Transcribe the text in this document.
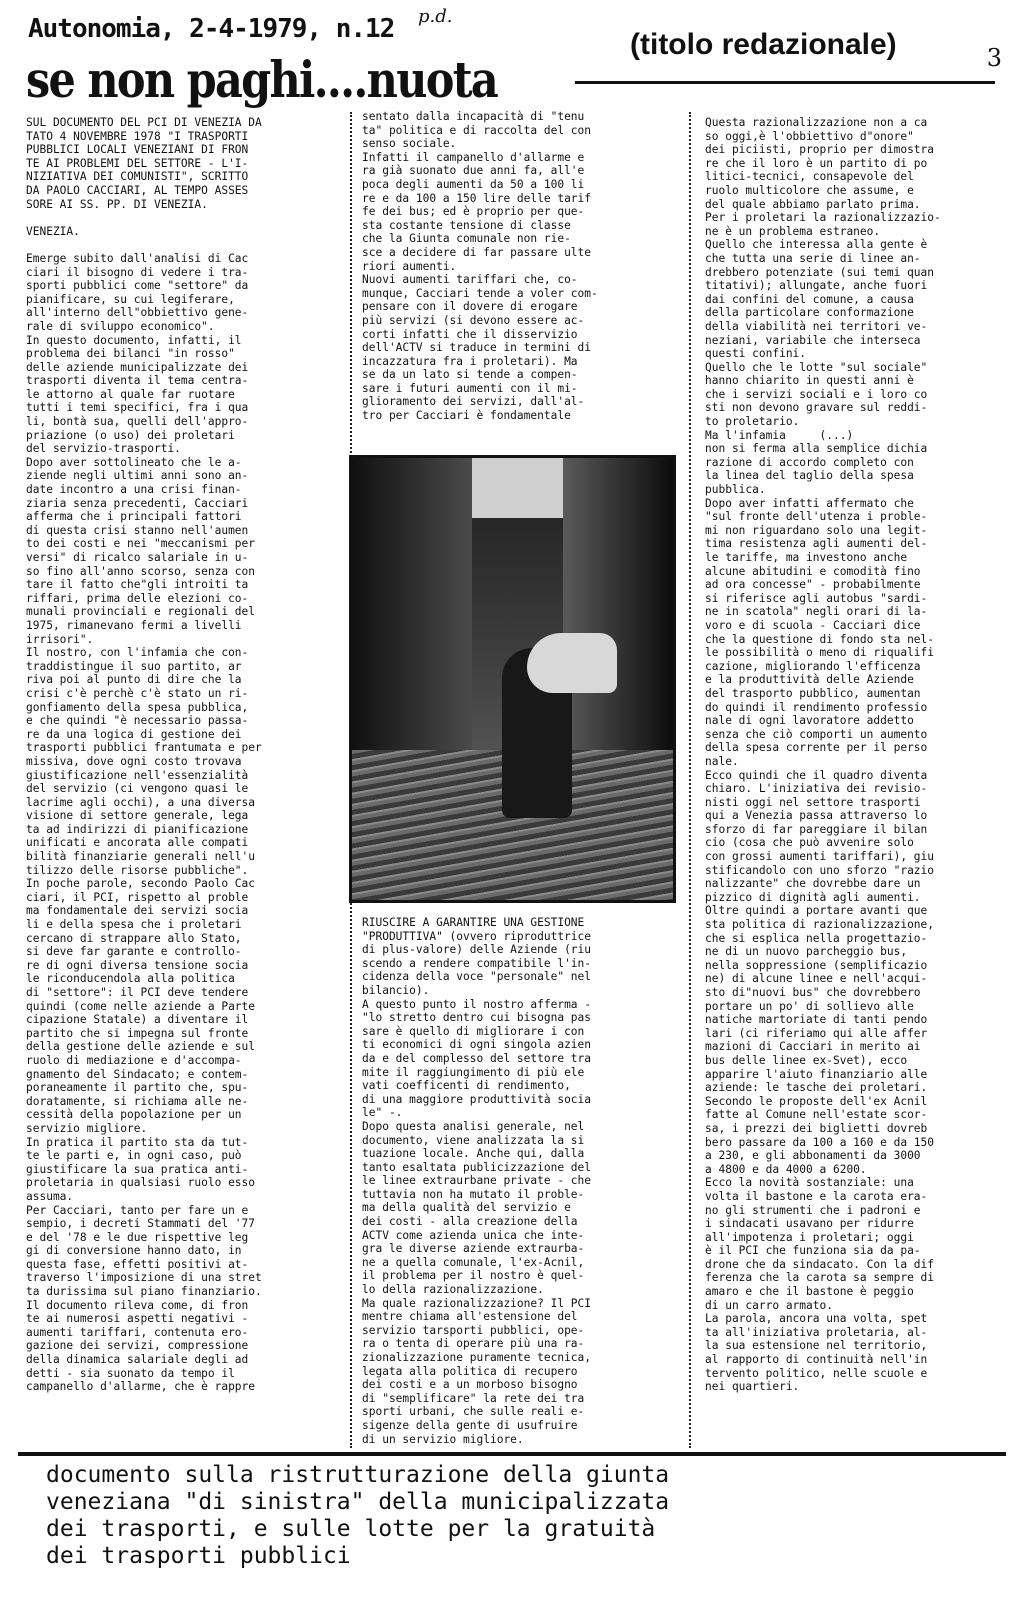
Autonomia, 2-4-1979, n.12 p.d.
(titolo redazionale)	3
se non paghi....nuota
SUL DOCUMENTO DEL PCI DI VENEZIA DA
TATO 4 NOVEMBRE 1978 "I TRASPORTI
PUBBLICI LOCALI VENEZIANI DI FRON
TE AI PROBLEMI DEL SETTORE - L'I-
NIZIATIVA DEI COMUNISTI", SCRITTO
DA PAOLO CACCIARI, AL TEMPO ASSES
SORE AI SS. PP. DI VENEZIA.

VENEZIA.

Emerge subito dall'analisi di Cac
ciari il bisogno di vedere i tra-
sporti pubblici come "settore" da
pianificare, su cui legiferare,
all'interno dell"obbiettivo gene-
rale di sviluppo economico".
In questo documento, infatti, il
problema dei bilanci "in rosso"
delle aziende municipalizzate dei
trasporti diventa il tema centra-
le attorno al quale far ruotare
tutti i temi specifici, fra i qua
li, bontà sua, quelli dell'appro-
priazione (o uso) dei proletari
del servizio-trasporti.
Dopo aver sottolineato che le a-
ziende negli ultimi anni sono an-
date incontro a una crisi finan-
ziaria senza precedenti, Cacciari
afferma che i principali fattori
di questa crisi stanno nell'aumen
to dei costi e nei "meccanismi per
versi" di ricalco salariale in u-
so fino all'anno scorso, senza con
tare il fatto che"gli introiti ta
riffari, prima delle elezioni co-
munali provinciali e regionali del
1975, rimanevano fermi a livelli
irrisori".
Il nostro, con l'infamia che con-
traddistingue il suo partito, ar
riva poi al punto di dire che la
crisi c'è perchè c'è stato un ri-
gonfiamento della spesa pubblica,
e che quindi "è necessario passa-
re da una logica di gestione dei
trasporti pubblici frantumata e per
missiva, dove ogni costo trovava
giustificazione nell'essenzialità
del servizio (ci vengono quasi le
lacrime agli occhi), a una diversa
visione di settore generale, lega
ta ad indirizzi di pianificazione
unificati e ancorata alle compati
bilità finanziarie generali nell'u
tilizzo delle risorse pubbliche".
In poche parole, secondo Paolo Cac
ciari, il PCI, rispetto al proble
ma fondamentale dei servizi socia
li e della spesa che i proletari
cercano di strappare allo Stato,
si deve far garante e controllo-
re di ogni diversa tensione socia
le riconducendola alla politica
di "settore": il PCI deve tendere
quindi (come nelle aziende a Parte
cipazione Statale) a diventare il
partito che si impegna sul fronte
della gestione delle aziende e sul
ruolo di mediazione e d'accompa-
gnamento del Sindacato; e contem-
poraneamente il partito che, spu-
doratamente, si richiama alle ne-
cessità della popolazione per un
servizio migliore.
In pratica il partito sta da tut-
te le parti e, in ogni caso, può
giustificare la sua pratica anti-
proletaria in qualsiasi ruolo esso
assuma.
Per Cacciari, tanto per fare un e
sempio, i decreti Stammati del '77
e del '78 e le due rispettive leg
gi di conversione hanno dato, in
questa fase, effetti positivi at-
traverso l'imposizione di una stret
ta durissima sul piano finanziario.
Il documento rileva come, di fron
te ai numerosi aspetti negativi -
aumenti tariffari, contenuta ero-
gazione dei servizi, compressione
della dinamica salariale degli ad
detti - sia suonato da tempo il
campanello d'allarme, che è rappre
sentato dalla incapacità di "tenu
ta" politica e di raccolta del con
senso sociale.
Infatti il campanello d'allarme e
ra già suonato due anni fa, all'e
poca degli aumenti da 50 a 100 li
re e da 100 a 150 lire delle tarif
fe dei bus; ed è proprio per que-
sta costante tensione di classe
che la Giunta comunale non rie-
sce a decidere di far passare ulte
riori aumenti.
Nuovi aumenti tariffari che, co-
munque, Cacciari tende a voler com-
pensare con il dovere di erogare
più servizi (si devono essere ac-
corti infatti che il disservizio
dell'ACTV si traduce in termini di
incazzatura fra i proletari). Ma
se da un lato si tende a compen-
sare i futuri aumenti con il mi-
glioramento dei servizi, dall'al-
tro per Cacciari è fondamentale
RIUSCIRE A GARANTIRE UNA GESTIONE
"PRODUTTIVA" (ovvero riproduttrice
di plus-valore) delle Aziende (riu
scendo a rendere compatibile l'in-
cidenza della voce "personale" nel
bilancio).
A questo punto il nostro afferma -
"lo stretto dentro cui bisogna pas
sare è quello di migliorare i con
ti economici di ogni singola azien
da e del complesso del settore tra
mite il raggiungimento di più ele
vati coefficenti di rendimento,
di una maggiore produttività socia
le" -.
Dopo questa analisi generale, nel
documento, viene analizzata la si
tuazione locale. Anche qui, dalla
tanto esaltata publicizzazione del
le linee extraurbane private - che
tuttavia non ha mutato il proble-
ma della qualità del servizio e
dei costi - alla creazione della
ACTV come azienda unica che inte-
gra le diverse aziende extraurba-
ne a quella comunale, l'ex-Acnil,
il problema per il nostro è quel-
lo della razionalizzazione.
Ma quale razionalizzazione? Il PCI
mentre chiama all'estensione del
servizio tarsporti pubblici, ope-
ra o tenta di operare più una ra-
zionalizzazione puramente tecnica,
legata alla politica di recupero
dei costi e a un morboso bisogno
di "semplificare" la rete dei tra
sporti urbani, che sulle reali e-
sigenze della gente di usufruire
di un servizio migliore.
Questa razionalizzazione non a ca
so oggi,è l'obbiettivo d"onore"
dei piciisti, proprio per dimostra
re che il loro è un partito di po
litici-tecnici, consapevole del
ruolo multicolore che assume, e
del quale abbiamo parlato prima.
Per i proletari la razionalizzazio-
ne è un problema estraneo.
Quello che interessa alla gente è
che tutta una serie di linee an-
drebbero potenziate (sui temi quan
titativi); allungate, anche fuori
dai confini del comune, a causa
della particolare conformazione
della viabilità nei territori ve-
neziani, variabile che interseca
questi confini.
Quello che le lotte "sul sociale"
hanno chiarito in questi anni è
che i servizi sociali e i loro co
sti non devono gravare sul reddi-
to proletario.
Ma l'infamia     (...)
non si ferma alla semplice dichia
razione di accordo completo con
la linea del taglio della spesa
pubblica.
Dopo aver infatti affermato che
"sul fronte dell'utenza i proble-
mi non riguardano solo una legit-
tima resistenza agli aumenti del-
le tariffe, ma investono anche
alcune abitudini e comodità fino
ad ora concesse" - probabilmente
si riferisce agli autobus "sardi-
ne in scatola" negli orari di la-
voro e di scuola - Cacciari dice
che la questione di fondo sta nel-
le possibilità o meno di riqualifi
cazione, migliorando l'efficenza
e la produttività delle Aziende
del trasporto pubblico, aumentan
do quindi il rendimento professio
nale di ogni lavoratore addetto
senza che ciò comporti un aumento
della spesa corrente per il perso
nale.
Ecco quindi che il quadro diventa
chiaro. L'iniziativa dei revisio-
nisti oggi nel settore trasporti
qui a Venezia passa attraverso lo
sforzo di far pareggiare il bilan
cio (cosa che può avvenire solo
con grossi aumenti tariffari), giu
stificandolo con uno sforzo "razio
nalizzante" che dovrebbe dare un
pizzico di dignità agli aumenti.
Oltre quindi a portare avanti que
sta politica di razionalizzazione,
che si esplica nella progettazio-
ne di un nuovo parcheggio bus,
nella soppressione (semplificazio
ne) di alcune linee e nell'acqui-
sto di"nuovi bus" che dovrebbero
portare un po' di sollievo alle
natiche martoriate di tanti pendo
lari (ci riferiamo qui alle affer
mazioni di Cacciari in merito ai
bus delle linee ex-Svet), ecco
apparire l'aiuto finanziario alle
aziende: le tasche dei proletari.
Secondo le proposte dell'ex Acnil
fatte al Comune nell'estate scor-
sa, i prezzi dei biglietti dovreb
bero passare da 100 a 160 e da 150
a 230, e gli abbonamenti da 3000
a 4800 e da 4000 a 6200.
Ecco la novità sostanziale: una
volta il bastone e la carota era-
no gli strumenti che i padroni e
i sindacati usavano per ridurre
all'impotenza i proletari; oggi
è il PCI che funziona sia da pa-
drone che da sindacato. Con la dif
ferenza che la carota sa sempre di
amaro e che il bastone è peggio
di un carro armato.
La parola, ancora una volta, spet
ta all'iniziativa proletaria, al-
la sua estensione nel territorio,
al rapporto di continuità nell'in
tervento politico, nelle scuole e
nei quartieri.
documento sulla ristrutturazione della giunta
veneziana "di sinistra" della municipalizzata
dei trasporti, e sulle lotte per la gratuità
dei trasporti pubblici
